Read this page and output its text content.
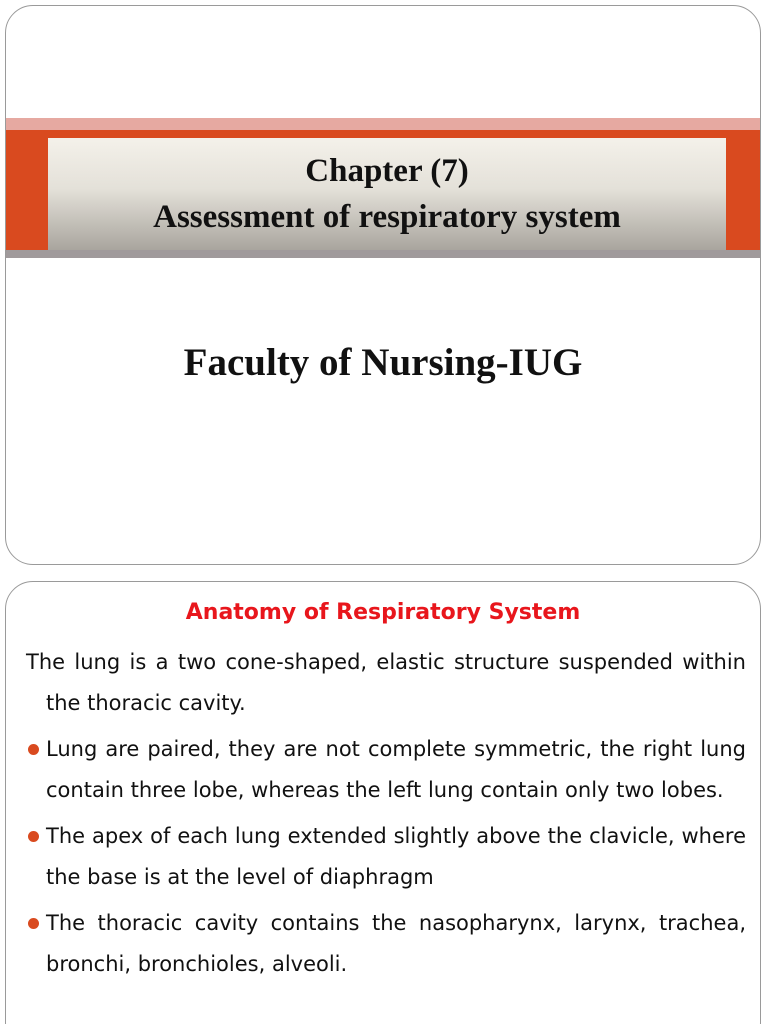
Chapter (7)
Assessment of respiratory system
Faculty of Nursing-IUG
Anatomy of Respiratory System

The lung is a two cone-shaped, elastic structure suspended within the thoracic cavity.

Lung are paired, they are not complete symmetric, the right lung contain three lobe, whereas the left lung contain only two lobes.
The apex of each lung extended slightly above the clavicle, where the base is at the level of diaphragm
The thoracic cavity contains the nasopharynx, larynx, trachea, bronchi, bronchioles, alveoli.
